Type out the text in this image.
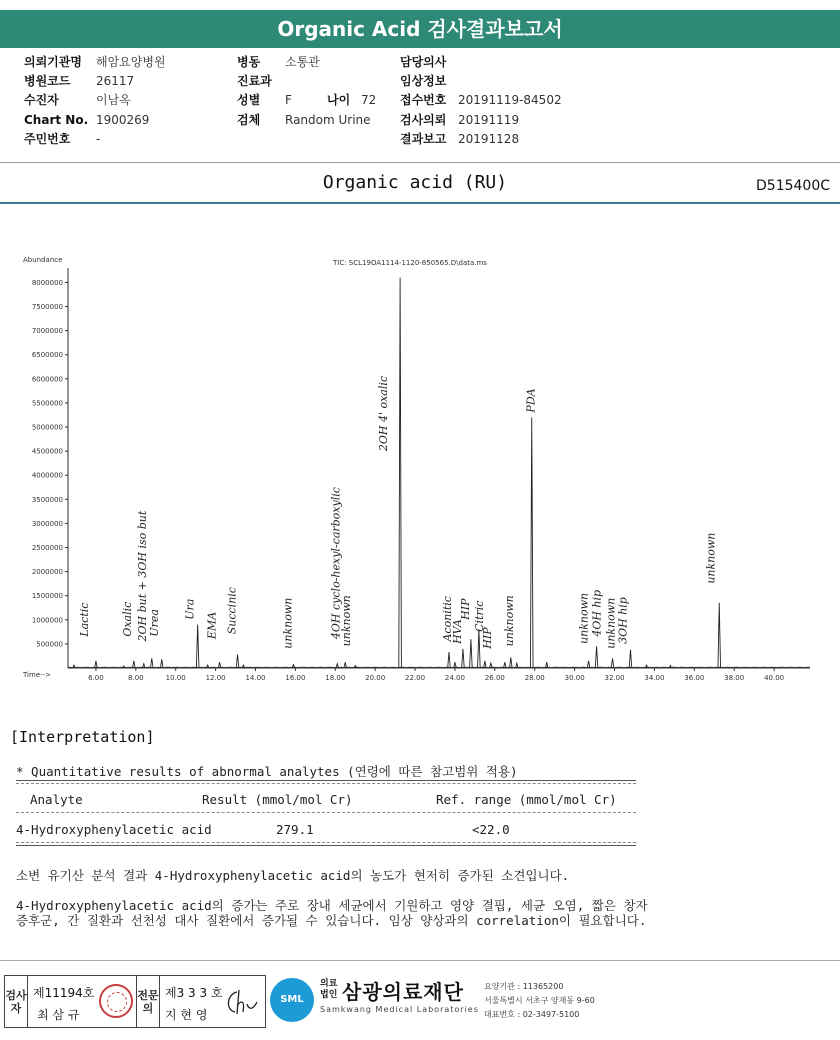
Organic Acid 검사결과보고서
의뢰기관명 해암요양병원
병원코드 26117
수진자	이남옥
Chart No. 1900269
주민번호 -
병동 소통관
진료과
성별 F	나이 72
검체 Random Urine
담당의사
임상정보
접수번호 20191119-84502
검사의뢰 20191119
결과보고 20191128
Organic acid (RU)	D515400C
Lactic	Oxalic 2OH but + 3OH iso but
Urea Ura
EMA Succinic	unknown	4OH cyclo-hexyl-carboxylic
unknown
2OH 4' oxalic
Aconitic
HVA
HIP Citric
HIP unknown
PDA
unknown 4OH hip unknown
3OH hip
unknown
500000
1000000
1500000
2000000
2500000
3000000
3500000
4000000
4500000
5000000
5500000
6000000
6500000
7000000
7500000
8000000
6.00	8.00	10.00	12.00	14.00	16.00	18.00	20.00	22.00	24.00	26.00	28.00	30.00	32.00	34.00	36.00	38.00	40.00
TIC: SCL19OA1114-1120-850565.D\data.ms
Abundance
Time-->
[Interpretation]
* Quantitative results of abnormal analytes (연령에 따른 참고범위 적용)
Analyte	Result (mmol/mol Cr)	Ref. range (mmol/mol Cr)
4-Hydroxyphenylacetic acid	279.1	<22.0
소변 유기산 분석 결과 4-Hydroxyphenylacetic acid의 농도가 현저히 증가된 소견입니다.
4-Hydroxyphenylacetic acid의 증가는 주로 장내 세균에서 기원하고 영양 결핍, 세균 오염, 짧은 창자
증후군, 간 질환과 선천성 대사 질환에서 증가될 수 있습니다. 임상 양상과의 correlation이 필요합니다.
검사자
제11194호
최 삼 규
전문의
제3 3 3 호
지 현 영
SML
의료
법인 삼광의료재단
Samkwang Medical Laboratories
요양기관 : 11365200
서울특별시 서초구 양재동 9-60
대표번호 : 02-3497-5100
